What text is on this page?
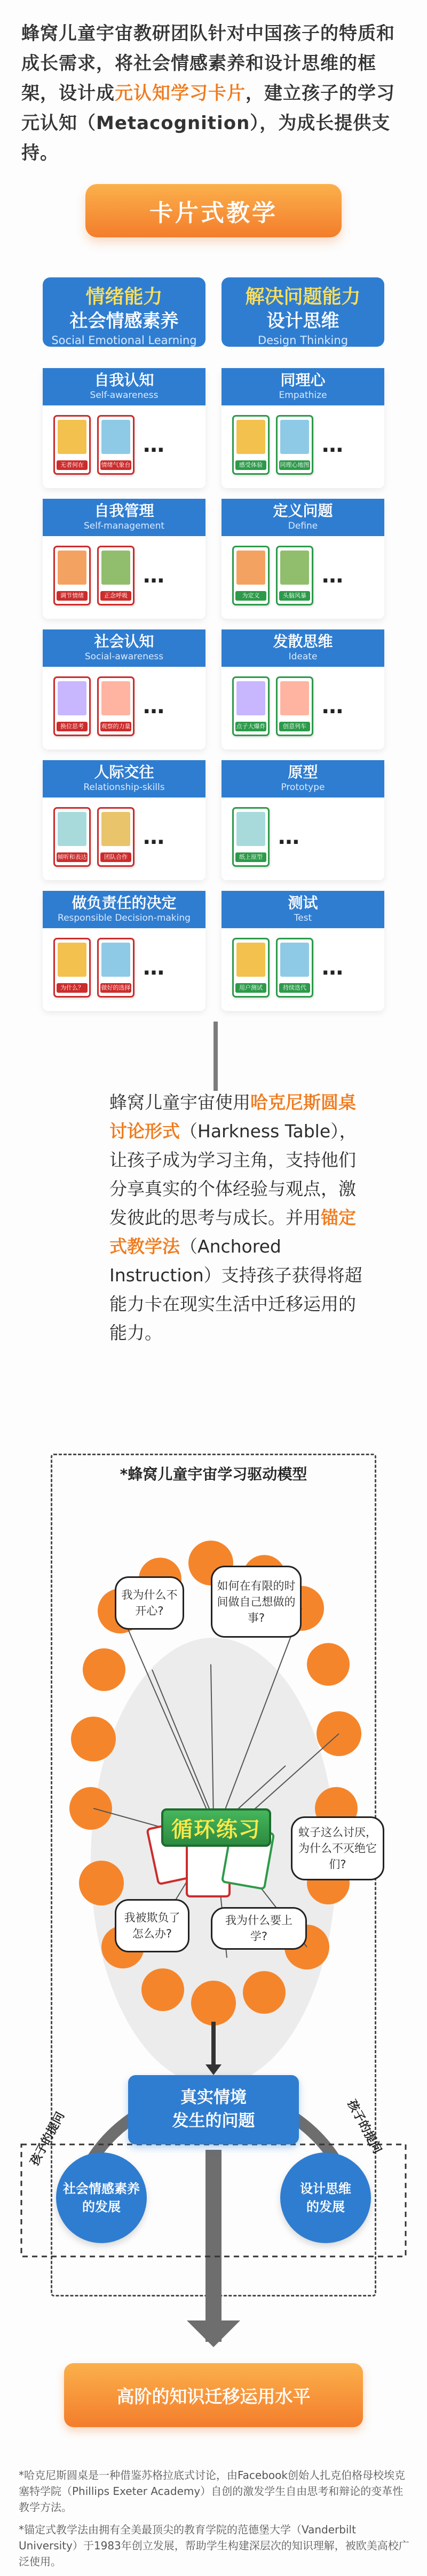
蜂窝儿童宇宙教研团队针对中国孩子的特质和成长需求，将社会情感素养和设计思维的框架，设计成元认知学习卡片，建立孩子的学习元认知（Metacognition），为成长提供支持。
卡片式教学
情绪能力
社会情感素养
Social Emotional Learning
解决问题能力
设计思维
Design Thinking
自我认知
Self-awareness
无者何在	情绪气象台
…
自我管理
Self-management
调节情绪	正念呼吸
…
社会认知
Social-awareness
换位思考	观察的力量
…
人际交往
Relationship-skills
倾听和表达	团队合作
…
做负责任的决定
Responsible Decision-making
为什么？	做好的选择
…
同理心
Empathize
感受体验	同理心地图
…
定义问题
Define
为定义	头脑风暴
…
发散思维
Ideate
点子大爆炸	创意列车
…
原型
Prototype
纸上原型
…
测试
Test
用户测试	持续迭代
…
蜂窝儿童宇宙使用哈克尼斯圆桌讨论形式（Harkness Table），让孩子成为学习主角，支持他们分享真实的个体经验与观点，激发彼此的思考与成长。并用锚定式教学法（Anchored Instruction）支持孩子获得将超能力卡在现实生活中迁移运用的能力。
*蜂窝儿童宇宙学习驱动模型
我为什么不开心?
如何在有限的时间做自己想做的事?
蚊子这么讨厌，为什么不灭绝它们?
我被欺负了怎么办?
我为什么要上学?
循环练习
真实情境
发生的问题
孩子的提问	孩子的提问
社会情感素养
的发展
设计思维
的发展
高阶的知识迁移运用水平

*哈克尼斯圆桌是一种借鉴苏格拉底式讨论，由Facebook创始人扎克伯格母校埃克塞特学院（Phillips Exeter Academy）自创的激发学生自由思考和辩论的变革性教学方法。

*锚定式教学法由拥有全美最顶尖的教育学院的范德堡大学（Vanderbilt University）于1983年创立发展，帮助学生构建深层次的知识理解，被欧美高校广泛使用。
